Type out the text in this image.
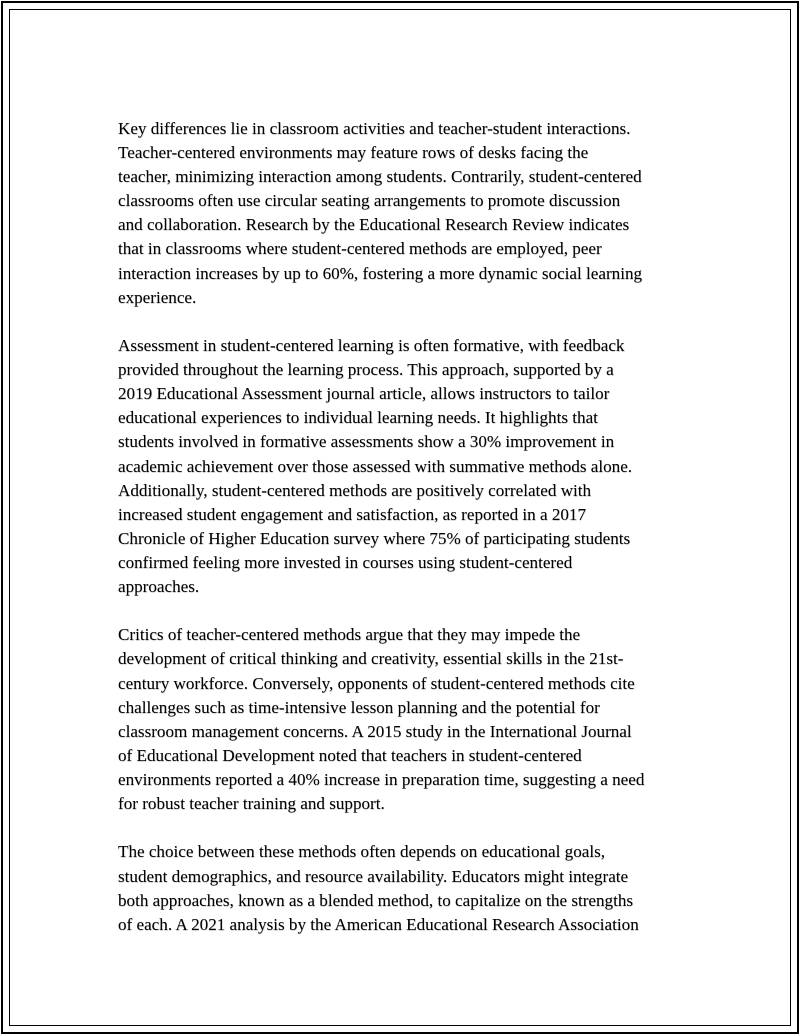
Key differences lie in classroom activities and teacher-student interactions.
Teacher-centered environments may feature rows of desks facing the
teacher, minimizing interaction among students. Contrarily, student-centered
classrooms often use circular seating arrangements to promote discussion
and collaboration. Research by the Educational Research Review indicates
that in classrooms where student-centered methods are employed, peer
interaction increases by up to 60%, fostering a more dynamic social learning
experience.

Assessment in student-centered learning is often formative, with feedback
provided throughout the learning process. This approach, supported by a
2019 Educational Assessment journal article, allows instructors to tailor
educational experiences to individual learning needs. It highlights that
students involved in formative assessments show a 30% improvement in
academic achievement over those assessed with summative methods alone.
Additionally, student-centered methods are positively correlated with
increased student engagement and satisfaction, as reported in a 2017
Chronicle of Higher Education survey where 75% of participating students
confirmed feeling more invested in courses using student-centered
approaches.

Critics of teacher-centered methods argue that they may impede the
development of critical thinking and creativity, essential skills in the 21st-
century workforce. Conversely, opponents of student-centered methods cite
challenges such as time-intensive lesson planning and the potential for
classroom management concerns. A 2015 study in the International Journal
of Educational Development noted that teachers in student-centered
environments reported a 40% increase in preparation time, suggesting a need
for robust teacher training and support.

The choice between these methods often depends on educational goals,
student demographics, and resource availability. Educators might integrate
both approaches, known as a blended method, to capitalize on the strengths
of each. A 2021 analysis by the American Educational Research Association
